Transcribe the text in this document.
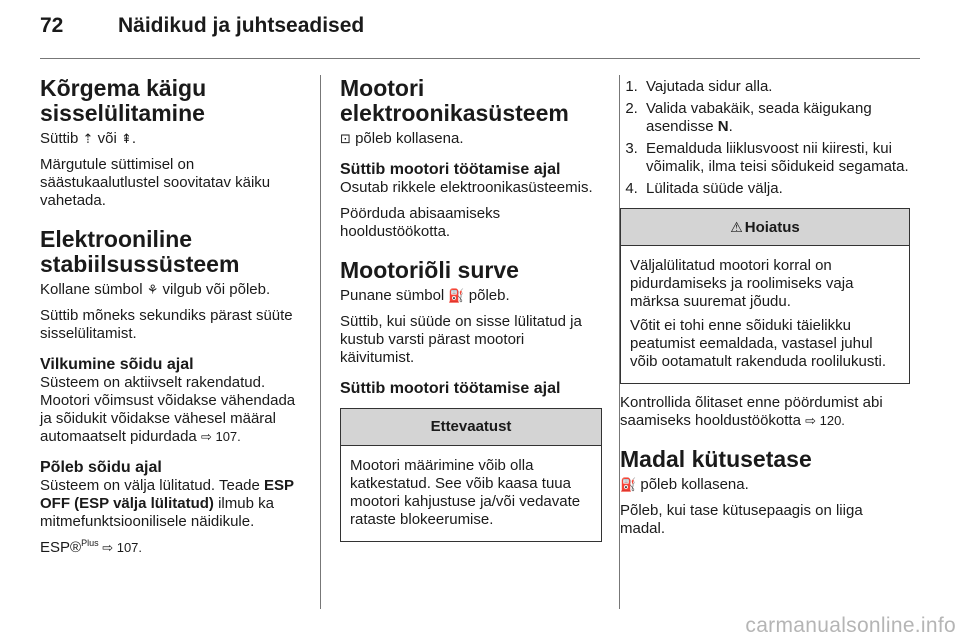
72	Näidikud ja juhtseadised
Kõrgema käigu sisselülitamine

Süttib ⇡ või ⇞.

Märgutule süttimisel on säästukaalutlustel soovitatav käiku vahetada.

Elektrooniline stabiilsussüsteem

Kollane sümbol ⚘ vilgub või põleb.

Süttib mõneks sekundiks pärast süüte sisselülitamist.

Vilkumine sõidu ajal

Süsteem on aktiivselt rakendatud. Mootori võimsust võidakse vähendada ja sõidukit võidakse vähesel määral automaatselt pidurdada ⇨ 107.

Põleb sõidu ajal

Süsteem on välja lülitatud. Teade ESP OFF (ESP välja lülitatud) ilmub ka mitmefunktsioonilisele näidikule.

ESP®$^{Plus}$ ⇨ 107.

Mootori elektroonikasüsteem

⊡ põleb kollasena.

Süttib mootori töötamise ajal

Osutab rikkele elektroonikasüsteemis.

Pöörduda abisaamiseks hooldustöökotta.

Mootoriõli surve

Punane sümbol ⛽ põleb.

Süttib, kui süüde on sisse lülitatud ja kustub varsti pärast mootori käivitumist.

Süttib mootori töötamise ajal
Ettevaatust

Mootori määrimine võib olla katkestatud. See võib kaasa tuua mootori kahjustuse ja/või vedavate rataste blokeerumise.

1. Vajutada sidur alla.
2. Valida vabakäik, seada käigukang asendisse N.
3. Eemalduda liiklusvoost nii kiiresti, kui võimalik, ilma teisi sõidukeid segamata.
4. Lülitada süüde välja.
⚠ Hoiatus

Väljalülitatud mootori korral on pidurdamiseks ja roolimiseks vaja märksa suuremat jõudu.

Võtit ei tohi enne sõiduki täielikku peatumist eemaldada, vastasel juhul võib ootamatult rakenduda roolilukusti.

Kontrollida õlitaset enne pöördumist abi saamiseks hooldustöökotta ⇨ 120.

Madal kütusetase

⛽ põleb kollasena.

Põleb, kui tase kütusepaagis on liiga madal.

carmanualsonline.info
